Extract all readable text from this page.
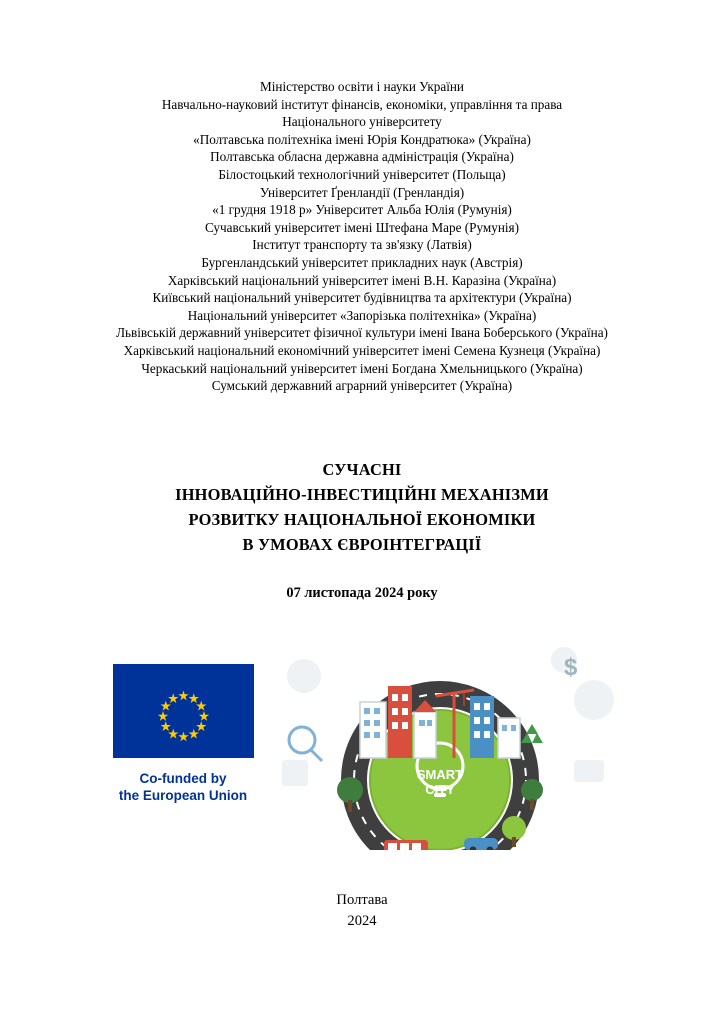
Міністерство освіти і науки України
Навчально-науковий інститут фінансів, економіки, управління та права
Національного університету
«Полтавська політехніка імені Юрія Кондратюка» (Україна)
Полтавська обласна державна адміністрація (Україна)
Білостоцький технологічний університет (Польща)
Університет Ґренландії (Гренландія)
«1 грудня 1918 р» Університет Альба Юлія (Румунія)
Сучавський університет імені Штефана Маре (Румунія)
Інститут транспорту та зв'язку (Латвія)
Бургенландський університет прикладних наук (Австрія)
Харківський національний університет імені В.Н. Каразіна (Україна)
Київський національний університет будівництва та архітектури (Україна)
Національний університет «Запорізька політехніка» (Україна)
Львівській державний університет фізичної культури імені Івана Боберського (Україна)
Харківський національний економічний університет імені Семена Кузнеця (Україна)
Черкаський національний університет імені Богдана Хмельницького (Україна)
Сумський державний аграрний університет (Україна)
СУЧАСНІ
ІННОВАЦІЙНО-ІНВЕСТИЦІЙНІ МЕХАНІЗМИ
РОЗВИТКУ НАЦІОНАЛЬНОЇ ЕКОНОМІКИ
В УМОВАХ ЄВРОІНТЕГРАЦІЇ
07 листопада 2024 року
Co-funded by
the European Union
$
SMART
CITY
Полтава
2024
